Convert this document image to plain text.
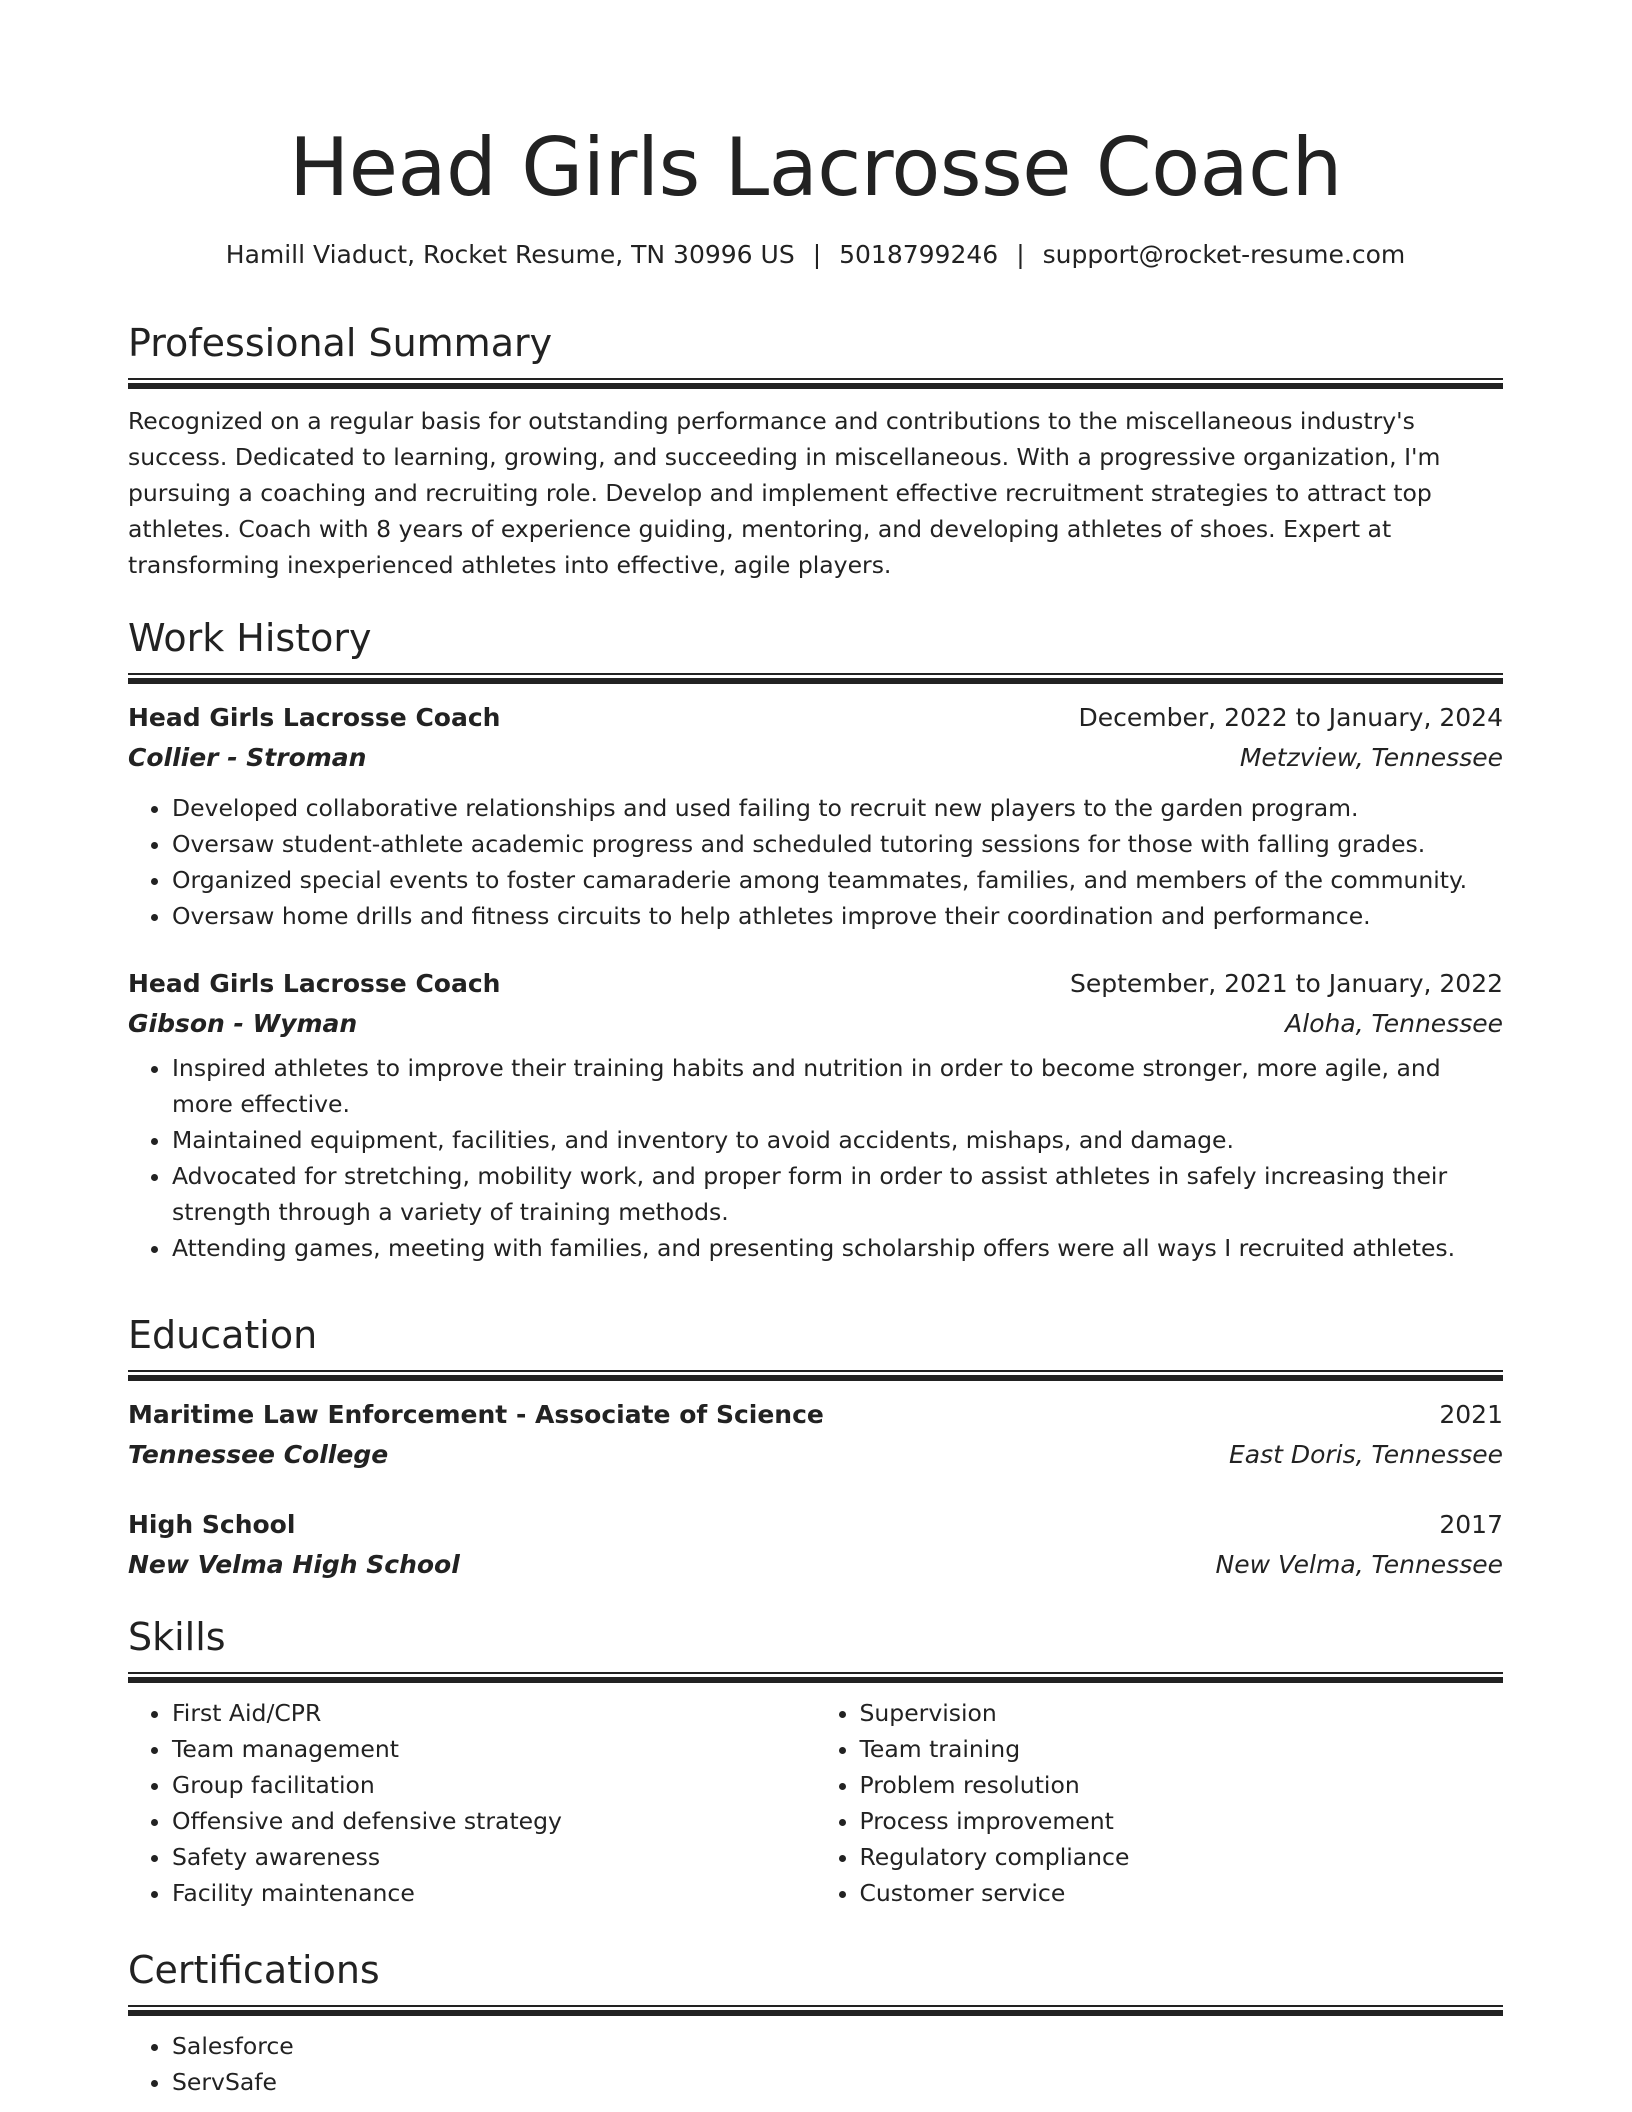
Head Girls Lacrosse Coach
Hamill Viaduct, Rocket Resume, TN 30996 US | 5018799246 | support@rocket-resume.com
Professional Summary
Recognized on a regular basis for outstanding performance and contributions to the miscellaneous industry's success. Dedicated to learning, growing, and succeeding in miscellaneous. With a progressive organization, I'm pursuing a coaching and recruiting role. Develop and implement effective recruitment strategies to attract top athletes. Coach with 8 years of experience guiding, mentoring, and developing athletes of shoes. Expert at transforming inexperienced athletes into effective, agile players.
Work History
Head Girls Lacrosse Coach	December, 2022 to January, 2024
Collier - Stroman	Metzview, Tennessee
• Developed collaborative relationships and used failing to recruit new players to the garden program.
• Oversaw student-athlete academic progress and scheduled tutoring sessions for those with falling grades.
• Organized special events to foster camaraderie among teammates, families, and members of the community.
• Oversaw home drills and fitness circuits to help athletes improve their coordination and performance.
Head Girls Lacrosse Coach	September, 2021 to January, 2022
Gibson - Wyman	Aloha, Tennessee
• Inspired athletes to improve their training habits and nutrition in order to become stronger, more agile, and more effective.
• Maintained equipment, facilities, and inventory to avoid accidents, mishaps, and damage.
• Advocated for stretching, mobility work, and proper form in order to assist athletes in safely increasing their strength through a variety of training methods.
• Attending games, meeting with families, and presenting scholarship offers were all ways I recruited athletes.
Education
Maritime Law Enforcement - Associate of Science	2021
Tennessee College	East Doris, Tennessee
High School	2017
New Velma High School	New Velma, Tennessee
Skills
• First Aid/CPR
• Team management
• Group facilitation
• Offensive and defensive strategy
• Safety awareness
• Facility maintenance
• Supervision
• Team training
• Problem resolution
• Process improvement
• Regulatory compliance
• Customer service
Certifications
• Salesforce
• ServSafe
